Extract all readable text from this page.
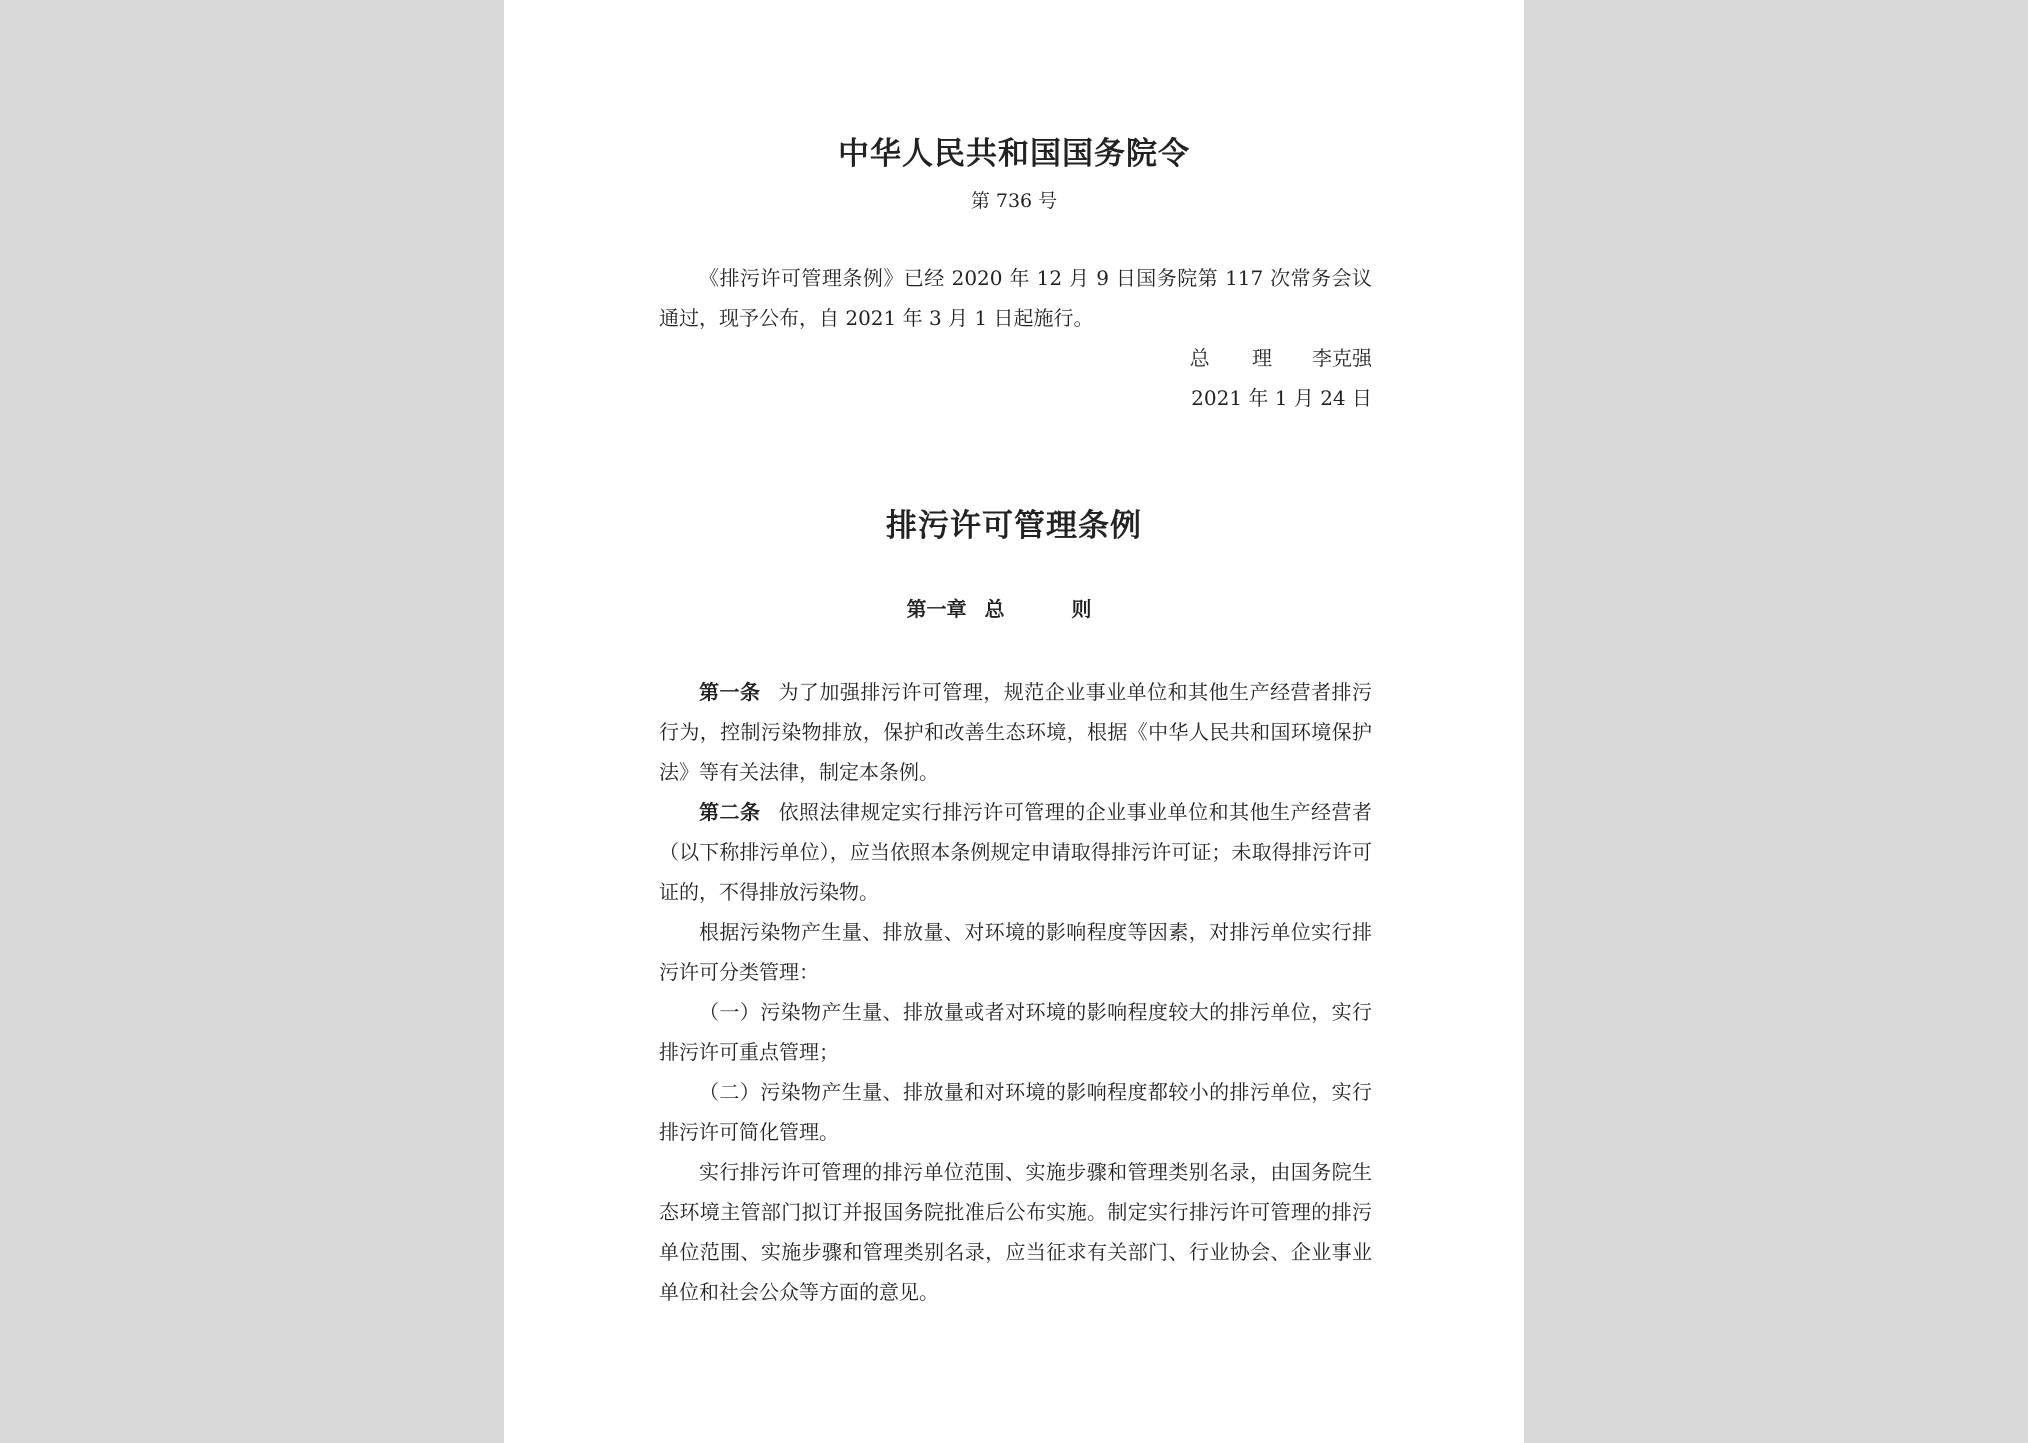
中华人民共和国国务院令
第 736 号
《排污许可管理条例》已经 2020 年 12 月 9 日国务院第 117 次常务会议通过，现予公布，自 2021 年 3 月 1 日起施行。
总 理 李克强
2021 年 1 月 24 日
排污许可管理条例
第一章 总 则

第一条 为了加强排污许可管理，规范企业事业单位和其他生产经营者排污行为，控制污染物排放，保护和改善生态环境，根据《中华人民共和国环境保护法》等有关法律，制定本条例。

第二条 依照法律规定实行排污许可管理的企业事业单位和其他生产经营者（以下称排污单位），应当依照本条例规定申请取得排污许可证；未取得排污许可证的，不得排放污染物。

根据污染物产生量、排放量、对环境的影响程度等因素，对排污单位实行排污许可分类管理：

（一）污染物产生量、排放量或者对环境的影响程度较大的排污单位，实行排污许可重点管理；

（二）污染物产生量、排放量和对环境的影响程度都较小的排污单位，实行排污许可简化管理。

实行排污许可管理的排污单位范围、实施步骤和管理类别名录，由国务院生态环境主管部门拟订并报国务院批准后公布实施。制定实行排污许可管理的排污单位范围、实施步骤和管理类别名录，应当征求有关部门、行业协会、企业事业单位和社会公众等方面的意见。
